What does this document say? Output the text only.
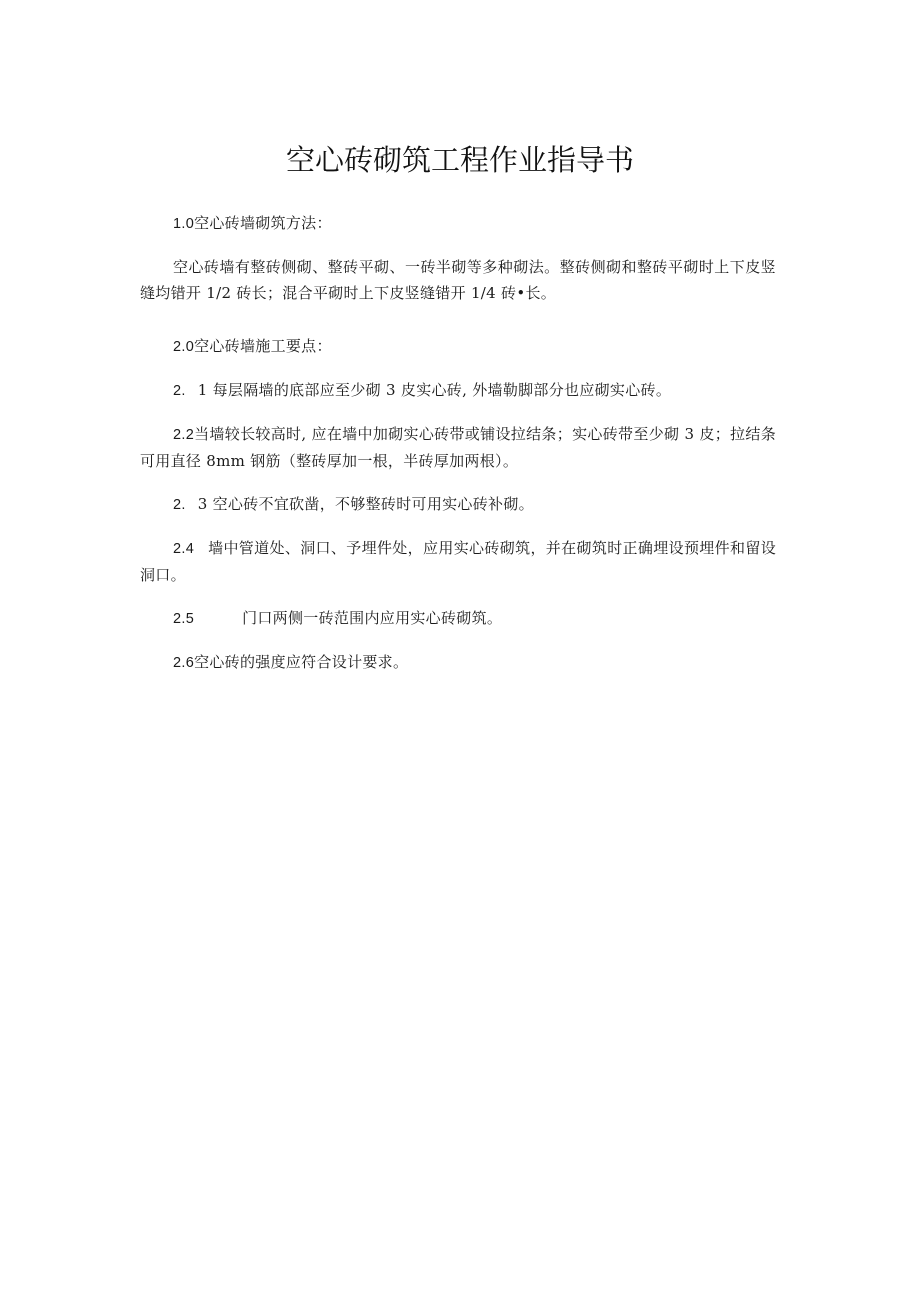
空心砖砌筑工程作业指导书

1.0空心砖墙砌筑方法：

空心砖墙有整砖侧砌、整砖平砌、一砖半砌等多种砌法。整砖侧砌和整砖平砌时上下皮竖缝均错开 1/2 砖长；混合平砌时上下皮竖缝错开 1/4 砖•长。

2.0空心砖墙施工要点：

2. 1 每层隔墙的底部应至少砌 3 皮实心砖, 外墙勒脚部分也应砌实心砖。

2.2当墙较长较高时, 应在墙中加砌实心砖带或铺设拉结条；实心砖带至少砌 3 皮；拉结条可用直径 8mm 钢筋（整砖厚加一根，半砖厚加两根）。

2. 3 空心砖不宜砍凿，不够整砖时可用实心砖补砌。

2.4 墙中管道处、洞口、予埋件处，应用实心砖砌筑，并在砌筑时正确埋设预埋件和留设洞口。

2.5	门口两侧一砖范围内应用实心砖砌筑。

2.6空心砖的强度应符合设计要求。
